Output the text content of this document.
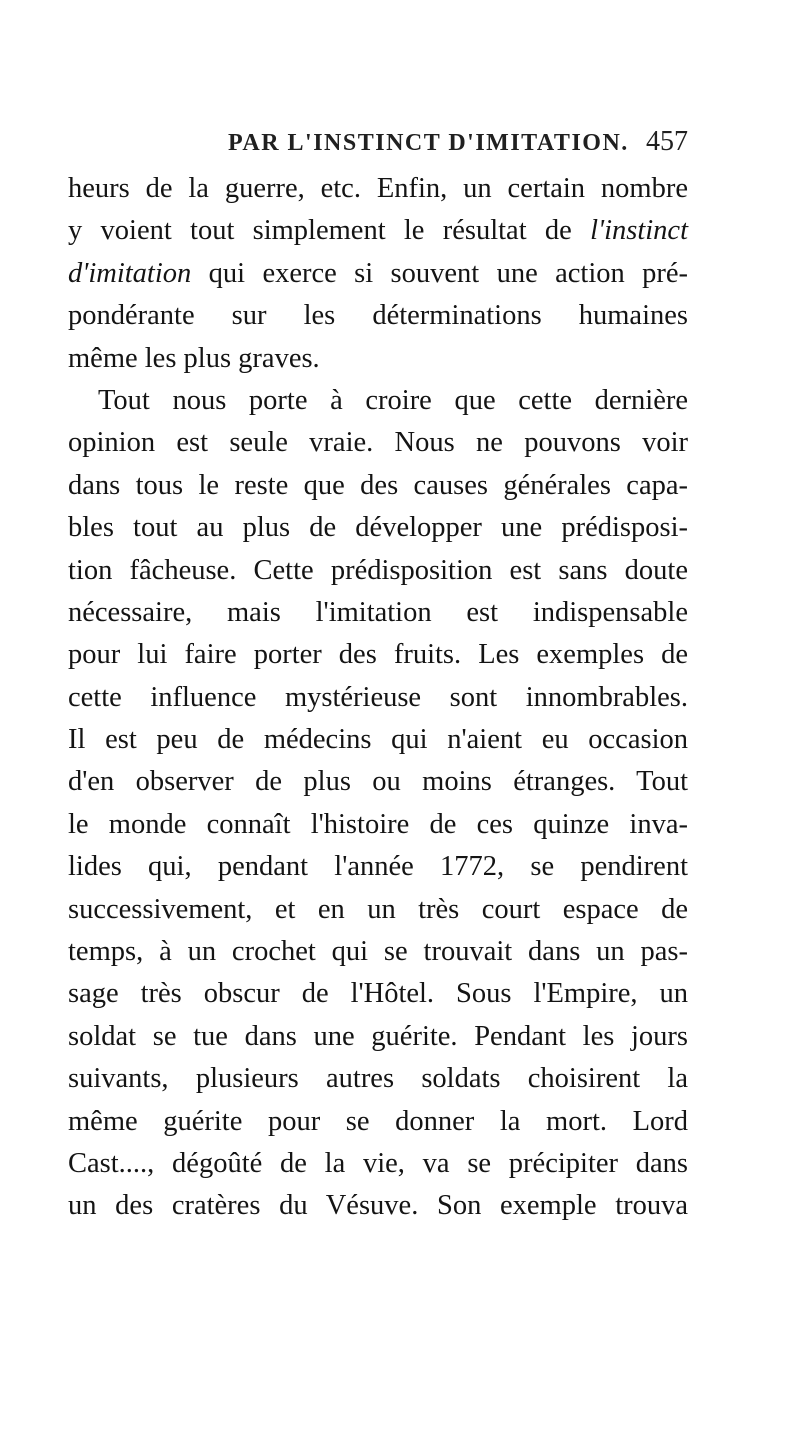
PAR L'INSTINCT D'IMITATION. 457
heurs de la guerre, etc. Enfin, un certain nombre
y voient tout simplement le résultat de l'instinct
d'imitation qui exerce si souvent une action pré-
pondérante sur les déterminations humaines
même les plus graves.
Tout nous porte à croire que cette dernière
opinion est seule vraie. Nous ne pouvons voir
dans tous le reste que des causes générales capa-
bles tout au plus de développer une prédisposi-
tion fâcheuse. Cette prédisposition est sans doute
nécessaire, mais l'imitation est indispensable
pour lui faire porter des fruits. Les exemples de
cette influence mystérieuse sont innombrables.
Il est peu de médecins qui n'aient eu occasion
d'en observer de plus ou moins étranges. Tout
le monde connaît l'histoire de ces quinze inva-
lides qui, pendant l'année 1772, se pendirent
successivement, et en un très court espace de
temps, à un crochet qui se trouvait dans un pas-
sage très obscur de l'Hôtel. Sous l'Empire, un
soldat se tue dans une guérite. Pendant les jours
suivants, plusieurs autres soldats choisirent la
même guérite pour se donner la mort. Lord
Cast...., dégoûté de la vie, va se précipiter dans
un des cratères du Vésuve. Son exemple trouva
